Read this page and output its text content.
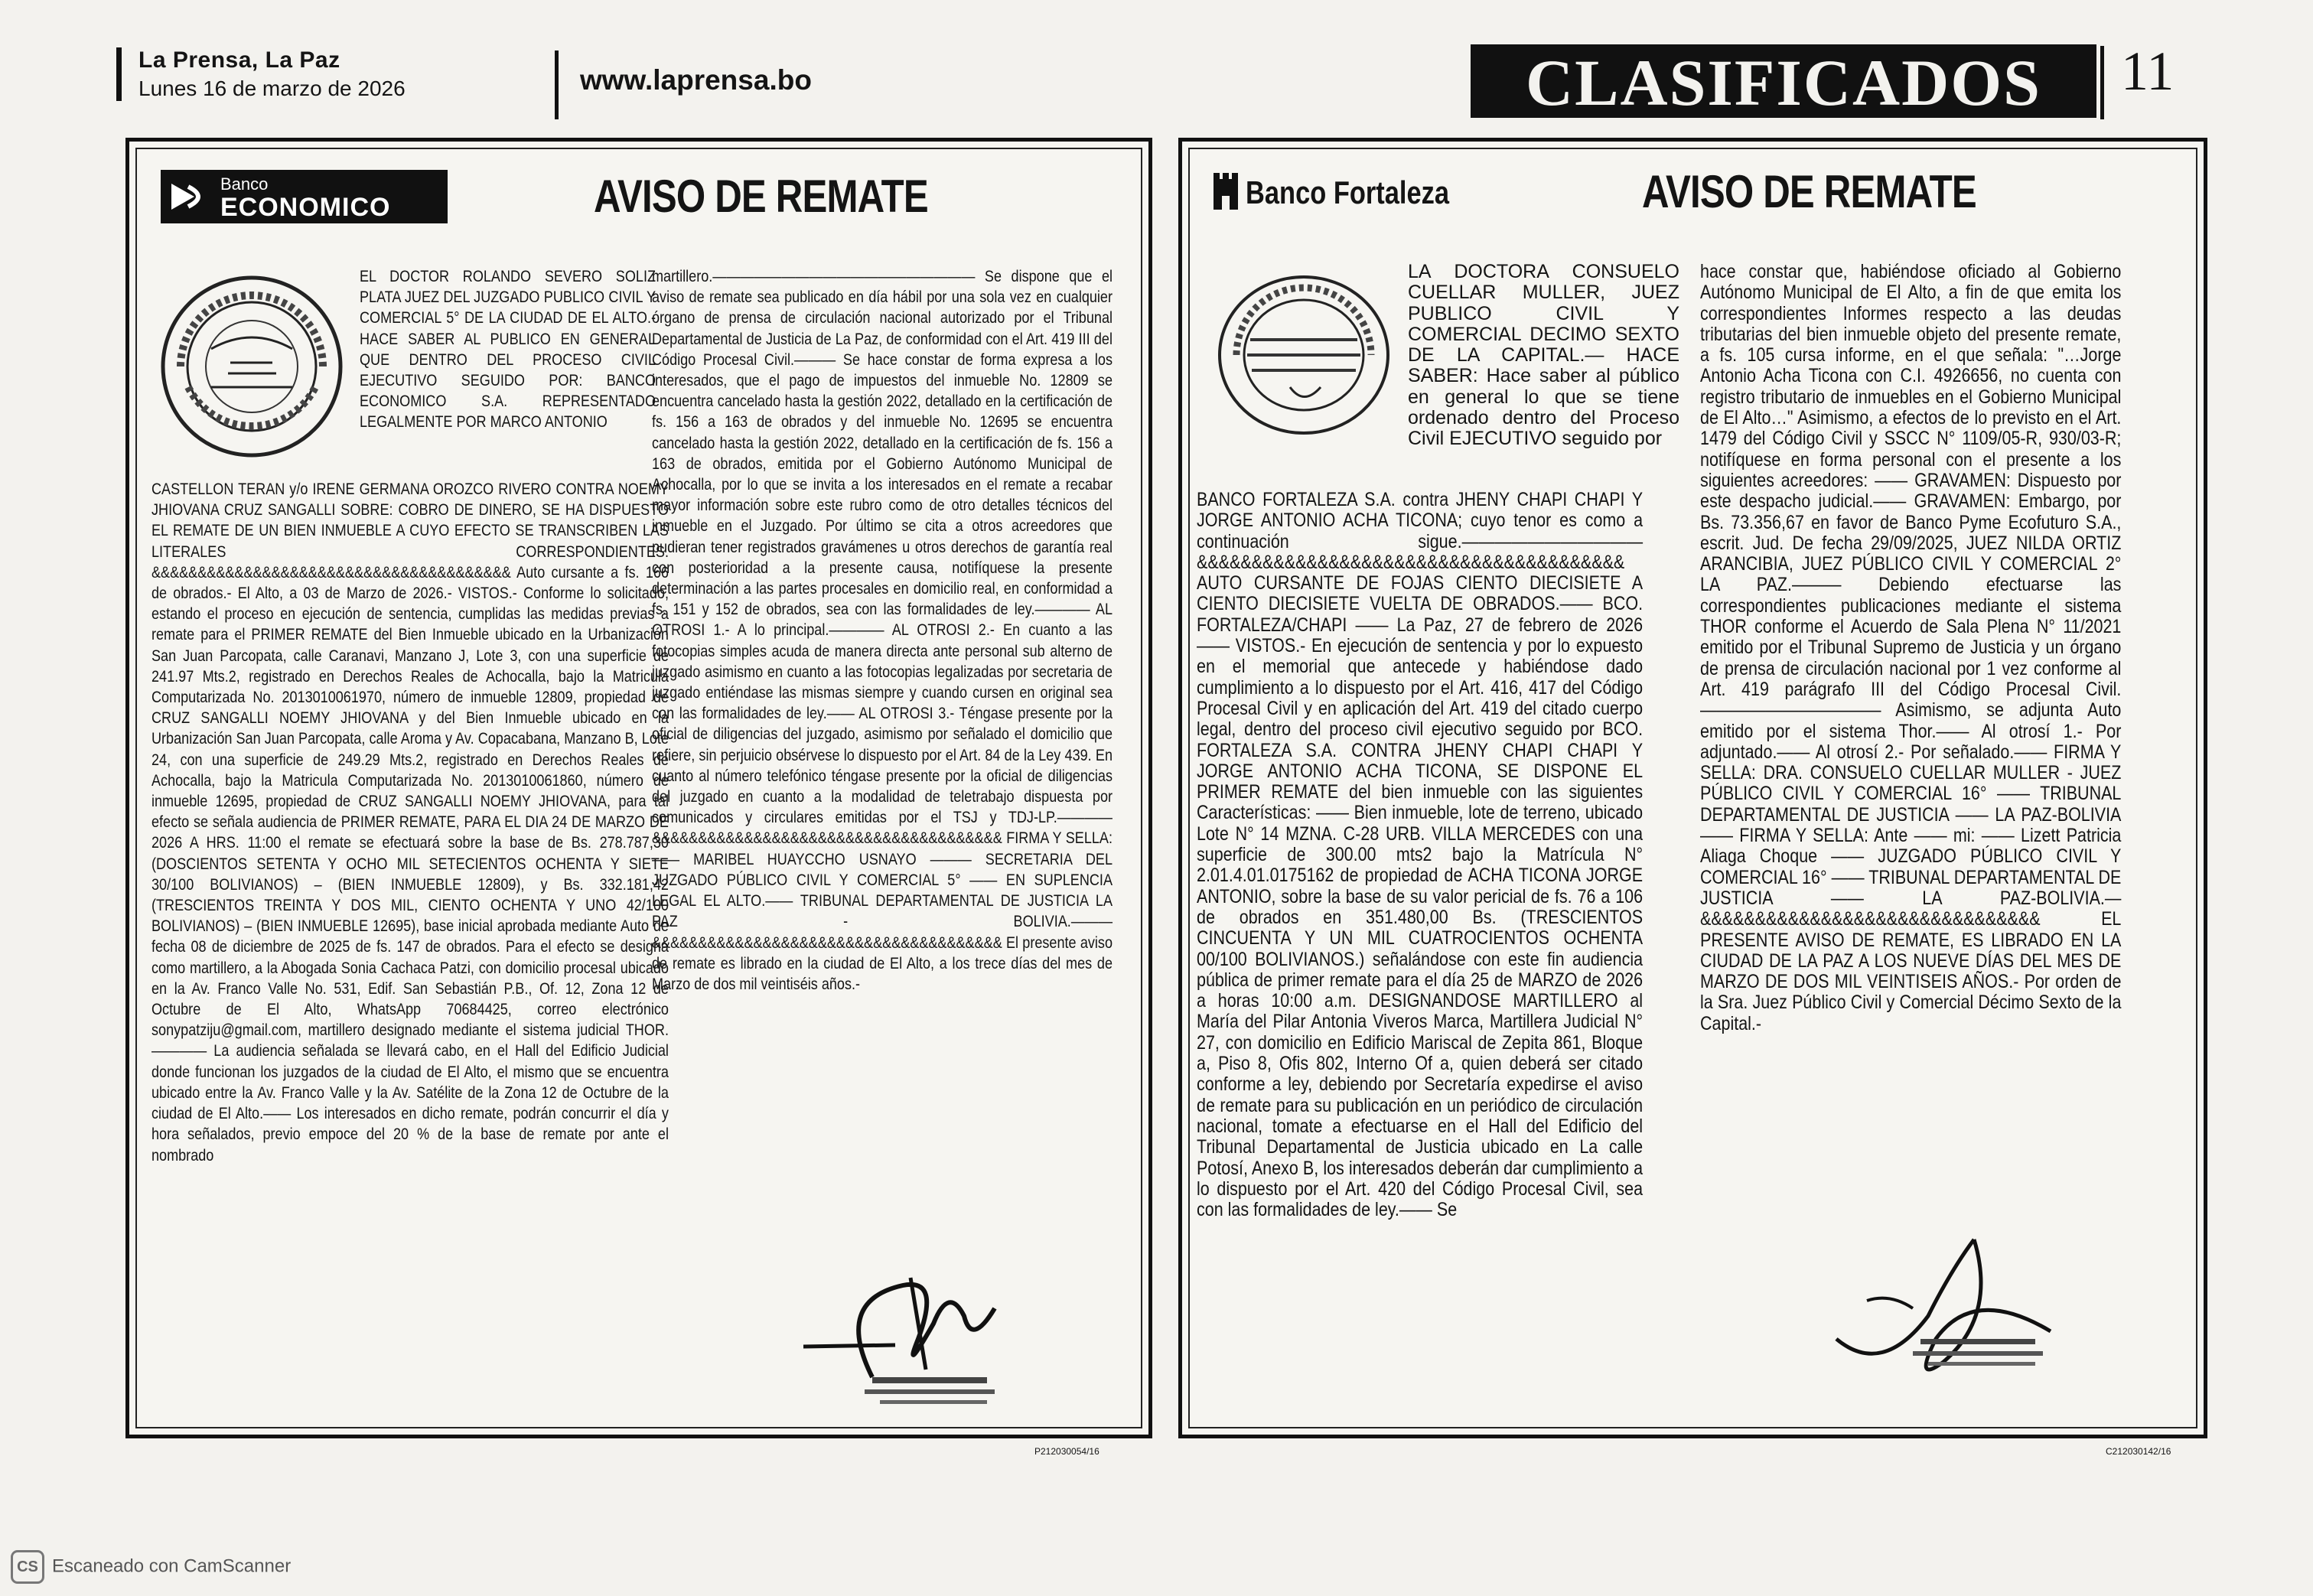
La Prensa, La Paz
Lunes 16 de marzo de 2026	www.laprensa.bo	CLASIFICADOS	11
Banco
ECONOMICO	AVISO DE REMATE

EL DOCTOR ROLANDO SEVERO SOLIZ PLATA JUEZ DEL JUZGADO PUBLICO CIVIL Y COMERCIAL 5° DE LA CIUDAD DE EL ALTO.- HACE SABER AL PUBLICO EN GENERAL QUE DENTRO DEL PROCESO CIVIL EJECUTIVO SEGUIDO POR: BANCO ECONOMICO S.A. REPRESENTADO LEGALMENTE POR MARCO ANTONIO

CASTELLON TERAN y/o IRENE GERMANA OROZCO RIVERO CONTRA NOEMY JHIOVANA CRUZ SANGALLI SOBRE: COBRO DE DINERO, SE HA DISPUESTO EL REMATE DE UN BIEN INMUEBLE A CUYO EFECTO SE TRANSCRIBEN LAS LITERALES CORRESPONDIENTES. &&&&&&&&&&&&&&&&&&&&&&&&&&&&&&&&&&&&&&& Auto cursante a fs. 166 de obrados.- El Alto, a 03 de Marzo de 2026.- VISTOS.- Conforme lo solicitado, estando el proceso en ejecución de sentencia, cumplidas las medidas previas a remate para el PRIMER REMATE del Bien Inmueble ubicado en la Urbanización San Juan Parcopata, calle Caranavi, Manzano J, Lote 3, con una superficie de 241.97 Mts.2, registrado en Derechos Reales de Achocalla, bajo la Matricula Computarizada No. 2013010061970, número de inmueble 12809, propiedad de CRUZ SANGALLI NOEMY JHIOVANA y del Bien Inmueble ubicado en la Urbanización San Juan Parcopata, calle Aroma y Av. Copacabana, Manzano B, Lote 24, con una superficie de 249.29 Mts.2, registrado en Derechos Reales de Achocalla, bajo la Matricula Computarizada No. 2013010061860, número de inmueble 12695, propiedad de CRUZ SANGALLI NOEMY JHIOVANA, para tal efecto se señala audiencia de PRIMER REMATE, PARA EL DIA 24 DE MARZO DE 2026 A HRS. 11:00 el remate se efectuará sobre la base de Bs. 278.787,30 (DOSCIENTOS SETENTA Y OCHO MIL SETECIENTOS OCHENTA Y SIETE 30/100 BOLIVIANOS) – (BIEN INMUEBLE 12809), y Bs. 332.181,42 (TRESCIENTOS TREINTA Y DOS MIL, CIENTO OCHENTA Y UNO 42/100 BOLIVIANOS) – (BIEN INMUEBLE 12695), base inicial aprobada mediante Auto de fecha 08 de diciembre de 2025 de fs. 147 de obrados. Para el efecto se designa como martillero, a la Abogada Sonia Cachaca Patzi, con domicilio procesal ubicado en la Av. Franco Valle No. 531, Edif. San Sebastián P.B., Of. 12, Zona 12 de Octubre de El Alto, WhatsApp 70684425, correo electrónico sonypatziju@gmail.com, martillero designado mediante el sistema judicial THOR.———— La audiencia señalada se llevará cabo, en el Hall del Edificio Judicial donde funcionan los juzgados de la ciudad de El Alto, el mismo que se encuentra ubicado entre la Av. Franco Valle y la Av. Satélite de la Zona 12 de Octubre de la ciudad de El Alto.—— Los interesados en dicho remate, podrán concurrir el día y hora señalados, previo empoce del 20 % de la base de remate por ante el nombrado

martillero.——————————————————— Se dispone que el aviso de remate sea publicado en día hábil por una sola vez en cualquier órgano de prensa de circulación nacional autorizado por el Tribunal Departamental de Justicia de La Paz, de conformidad con el Art. 419 III del Código Procesal Civil.——— Se hace constar de forma expresa a los interesados, que el pago de impuestos del inmueble No. 12809 se encuentra cancelado hasta la gestión 2022, detallado en la certificación de fs. 156 a 163 de obrados y del inmueble No. 12695 se encuentra cancelado hasta la gestión 2022, detallado en la certificación de fs. 156 a 163 de obrados, emitida por el Gobierno Autónomo Municipal de Achocalla, por lo que se invita a los interesados en el remate a recabar mayor información sobre este rubro como de otro detalles técnicos del inmueble en el Juzgado. Por último se cita a otros acreedores que pudieran tener registrados gravámenes u otros derechos de garantía real con posterioridad a la presente causa, notifíquese la presente determinación a las partes procesales en domicilio real, en conformidad a fs. 151 y 152 de obrados, sea con las formalidades de ley.———— AL OTROSI 1.- A lo principal.———— AL OTROSI 2.- En cuanto a las fotocopias simples acuda de manera directa ante personal sub alterno de juzgado asimismo en cuanto a las fotocopias legalizadas por secretaria de juzgado entiéndase las mismas siempre y cuando cursen en original sea con las formalidades de ley.—— AL OTROSI 3.- Téngase presente por la oficial de diligencias del juzgado, asimismo por señalado el domicilio que refiere, sin perjuicio obsérvese lo dispuesto por el Art. 84 de la Ley 439. En cuanto al número telefónico téngase presente por la oficial de diligencias del juzgado en cuanto a la modalidad de teletrabajo dispuesta por comunicados y circulares emitidas por el TSJ y TDJ-LP.———— &&&&&&&&&&&&&&&&&&&&&&&&&&&&&&&&&&&&&& FIRMA Y SELLA: —— MARIBEL HUAYCCHO USNAYO ——— SECRETARIA DEL JUZGADO PÚBLICO CIVIL Y COMERCIAL 5° —— EN SUPLENCIA LEGAL EL ALTO.—— TRIBUNAL DEPARTAMENTAL DE JUSTICIA LA PAZ - BOLIVIA.——— &&&&&&&&&&&&&&&&&&&&&&&&&&&&&&&&&&&&&& El presente aviso de remate es librado en la ciudad de El Alto, a los trece días del mes de Marzo de dos mil veintiséis años.-

P212030054/16
Banco Fortaleza	AVISO DE REMATE

LA DOCTORA CONSUELO CUELLAR MULLER, JUEZ PUBLICO CIVIL Y COMERCIAL DECIMO SEXTO DE LA CAPITAL.— HACE SABER: Hace saber al público en general lo que se tiene ordenado dentro del Proceso Civil EJECUTIVO seguido por

BANCO FORTALEZA S.A. contra JHENY CHAPI CHAPI Y JORGE ANTONIO ACHA TICONA; cuyo tenor es como a continuación sigue.——————————— &&&&&&&&&&&&&&&&&&&&&&&&&&&&&&&&&&&&&&& AUTO CURSANTE DE FOJAS CIENTO DIECISIETE A CIENTO DIECISIETE VUELTA DE OBRADOS.—— BCO. FORTALEZA/CHAPI —— La Paz, 27 de febrero de 2026 —— VISTOS.- En ejecución de sentencia y por lo expuesto en el memorial que antecede y habiéndose dado cumplimiento a lo dispuesto por el Art. 416, 417 del Código Procesal Civil y en aplicación del Art. 419 del citado cuerpo legal, dentro del proceso civil ejecutivo seguido por BCO. FORTALEZA S.A. CONTRA JHENY CHAPI CHAPI Y JORGE ANTONIO ACHA TICONA, SE DISPONE EL PRIMER REMATE del bien inmueble con las siguientes Características: —— Bien inmueble, lote de terreno, ubicado Lote N° 14 MZNA. C-28 URB. VILLA MERCEDES con una superficie de 300.00 mts2 bajo la Matrícula N° 2.01.4.01.0175162 de propiedad de ACHA TICONA JORGE ANTONIO, sobre la base de su valor pericial de fs. 76 a 106 de obrados en 351.480,00 Bs. (TRESCIENTOS CINCUENTA Y UN MIL CUATROCIENTOS OCHENTA 00/100 BOLIVIANOS.) señalándose con este fin audiencia pública de primer remate para el día 25 de MARZO de 2026 a horas 10:00 a.m. DESIGNANDOSE MARTILLERO al María del Pilar Antonia Viveros Marca, Martillera Judicial N° 27, con domicilio en Edificio Mariscal de Zepita 861, Bloque a, Piso 8, Ofis 802, Interno Of a, quien deberá ser citado conforme a ley, debiendo por Secretaría expedirse el aviso de remate para su publicación en un periódico de circulación nacional, tomate a efectuarse en el Hall del Edificio del Tribunal Departamental de Justicia ubicado en La calle Potosí, Anexo B, los interesados deberán dar cumplimiento a lo dispuesto por el Art. 420 del Código Procesal Civil, sea con las formalidades de ley.—— Se

hace constar que, habiéndose oficiado al Gobierno Autónomo Municipal de El Alto, a fin de que emita los correspondientes Informes respecto a las deudas tributarias del bien inmueble objeto del presente remate, a fs. 105 cursa informe, en el que señala: "…Jorge Antonio Acha Ticona con C.I. 4926656, no cuenta con registro tributario de inmuebles en el Gobierno Municipal de El Alto…" Asimismo, a efectos de lo previsto en el Art. 1479 del Código Civil y SSCC N° 1109/05-R, 930/03-R; notifíquese en forma personal con el presente a los siguientes acreedores: —— GRAVAMEN: Dispuesto por este despacho judicial.—— GRAVAMEN: Embargo, por Bs. 73.356,67 en favor de Banco Pyme Ecofuturo S.A., escrit. Jud. De fecha 29/09/2025, JUEZ NILDA ORTIZ ARANCIBIA, JUEZ PÚBLICO CIVIL Y COMERCIAL 2° LA PAZ.——— Debiendo efectuarse las correspondientes publicaciones mediante el sistema THOR conforme el Acuerdo de Sala Plena N° 11/2021 emitido por el Tribunal Supremo de Justicia y un órgano de prensa de circulación nacional por 1 vez conforme al Art. 419 parágrafo III del Código Procesal Civil.——————————— Asimismo, se adjunta Auto emitido por el sistema Thor.—— Al otrosí 1.- Por adjuntado.—— Al otrosí 2.- Por señalado.—— FIRMA Y SELLA: DRA. CONSUELO CUELLAR MULLER - JUEZ PÚBLICO CIVIL Y COMERCIAL 16° —— TRIBUNAL DEPARTAMENTAL DE JUSTICIA —— LA PAZ-BOLIVIA —— FIRMA Y SELLA: Ante —— mi: —— Lizett Patricia Aliaga Choque —— JUZGADO PÚBLICO CIVIL Y COMERCIAL 16° —— TRIBUNAL DEPARTAMENTAL DE JUSTICIA —— LA PAZ-BOLIVIA.— &&&&&&&&&&&&&&&&&&&&&&&&&&&&&&& EL PRESENTE AVISO DE REMATE, ES LIBRADO EN LA CIUDAD DE LA PAZ A LOS NUEVE DÍAS DEL MES DE MARZO DE DOS MIL VEINTISEIS AÑOS.- Por orden de la Sra. Juez Público Civil y Comercial Décimo Sexto de la Capital.-

C212030142/16
CS Escaneado con CamScanner
